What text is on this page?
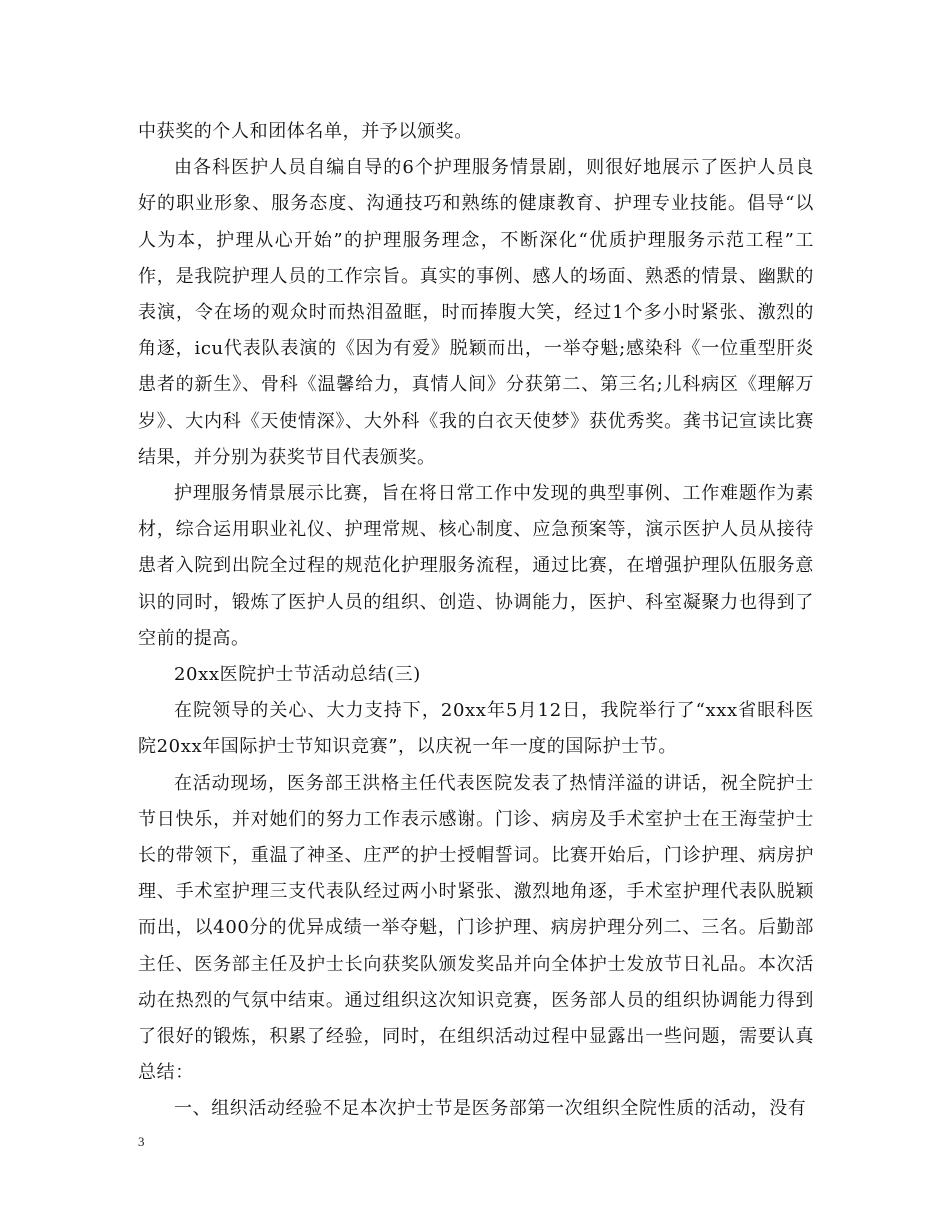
中获奖的个人和团体名单，并予以颁奖。

由各科医护人员自编自导的6个护理服务情景剧，则很好地展示了医护人员良好的职业形象、服务态度、沟通技巧和熟练的健康教育、护理专业技能。倡导“以人为本，护理从心开始”的护理服务理念，不断深化“优质护理服务示范工程”工作，是我院护理人员的工作宗旨。真实的事例、感人的场面、熟悉的情景、幽默的表演，令在场的观众时而热泪盈眶，时而捧腹大笑，经过1个多小时紧张、激烈的角逐，icu代表队表演的《因为有爱》脱颖而出，一举夺魁;感染科《一位重型肝炎患者的新生》、骨科《温馨给力，真情人间》分获第二、第三名;儿科病区《理解万岁》、大内科《天使情深》、大外科《我的白衣天使梦》获优秀奖。龚书记宣读比赛结果，并分别为获奖节目代表颁奖。

护理服务情景展示比赛，旨在将日常工作中发现的典型事例、工作难题作为素材，综合运用职业礼仪、护理常规、核心制度、应急预案等，演示医护人员从接待患者入院到出院全过程的规范化护理服务流程，通过比赛，在增强护理队伍服务意识的同时，锻炼了医护人员的组织、创造、协调能力，医护、科室凝聚力也得到了空前的提高。

20xx医院护士节活动总结(三)

在院领导的关心、大力支持下，20xx年5月12日，我院举行了“xxx省眼科医院20xx年国际护士节知识竞赛”，以庆祝一年一度的国际护士节。

在活动现场，医务部王洪格主任代表医院发表了热情洋溢的讲话，祝全院护士节日快乐，并对她们的努力工作表示感谢。门诊、病房及手术室护士在王海莹护士长的带领下，重温了神圣、庄严的护士授帽誓词。比赛开始后，门诊护理、病房护理、手术室护理三支代表队经过两小时紧张、激烈地角逐，手术室护理代表队脱颖而出，以400分的优异成绩一举夺魁，门诊护理、病房护理分列二、三名。后勤部主任、医务部主任及护士长向获奖队颁发奖品并向全体护士发放节日礼品。本次活动在热烈的气氛中结束。通过组织这次知识竞赛，医务部人员的组织协调能力得到了很好的锻炼，积累了经验，同时，在组织活动过程中显露出一些问题，需要认真总结：

一、组织活动经验不足本次护士节是医务部第一次组织全院性质的活动，没有

3
